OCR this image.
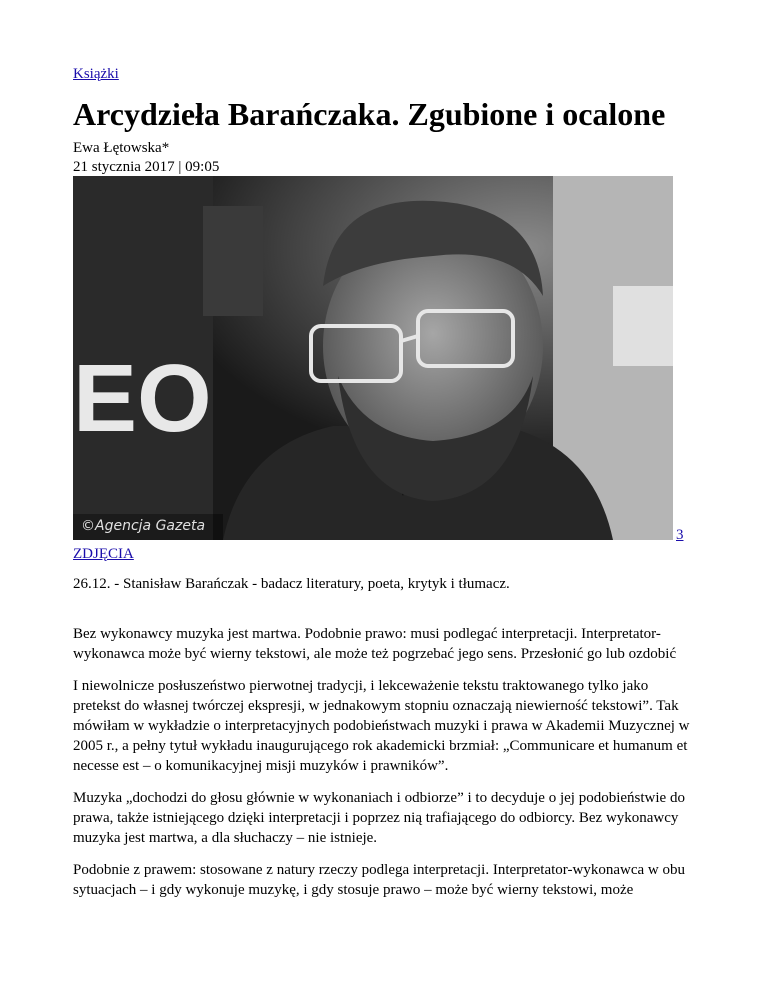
Książki
Arcydzieła Barańczaka. Zgubione i ocalone
Ewa Łętowska*
21 stycznia 2017 | 09:05
EO
©Agencja Gazeta
3
ZDJĘCIA
26.12. - Stanisław Barańczak - badacz literatury, poeta, krytyk i tłumacz.

Bez wykonawcy muzyka jest martwa. Podobnie prawo: musi podlegać interpretacji. Interpretator-wykonawca może być wierny tekstowi, ale może też pogrzebać jego sens. Przesłonić go lub ozdobić

I niewolnicze posłuszeństwo pierwotnej tradycji, i lekceważenie tekstu traktowanego tylko jako pretekst do własnej twórczej ekspresji, w jednakowym stopniu oznaczają niewierność tekstowi”. Tak mówiłam w wykładzie o interpretacyjnych podobieństwach muzyki i prawa w Akademii Muzycznej w 2005 r., a pełny tytuł wykładu inaugurującego rok akademicki brzmiał: „Communicare et humanum et necesse est – o komunikacyjnej misji muzyków i prawników”.

Muzyka „dochodzi do głosu głównie w wykonaniach i odbiorze” i to decyduje o jej podobieństwie do prawa, także istniejącego dzięki interpretacji i poprzez nią trafiającego do odbiorcy. Bez wykonawcy muzyka jest martwa, a dla słuchaczy – nie istnieje.

Podobnie z prawem: stosowane z natury rzeczy podlega interpretacji. Interpretator-wykonawca w obu sytuacjach – i gdy wykonuje muzykę, i gdy stosuje prawo – może być wierny tekstowi, może
